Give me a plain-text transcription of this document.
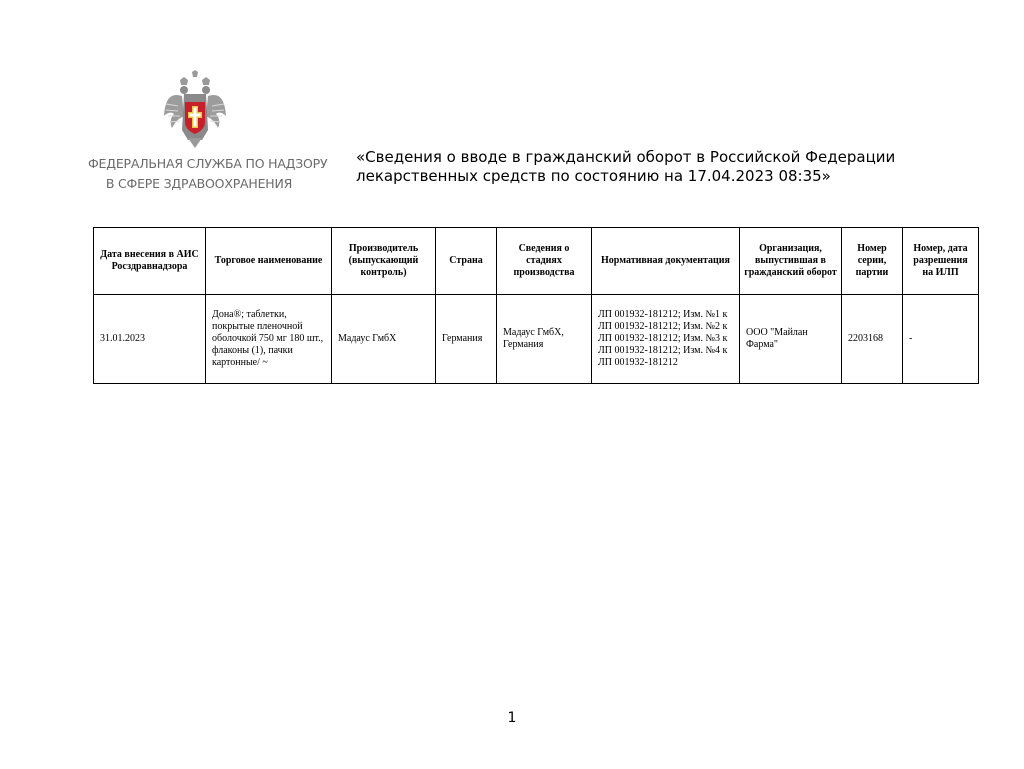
ФЕДЕРАЛЬНАЯ СЛУЖБА ПО НАДЗОРУ
В СФЕРЕ ЗДРАВООХРАНЕНИЯ
«Сведения о вводе в гражданский оборот в Российской Федерации
лекарственных средств по состоянию на 17.04.2023 08:35»
Дата внесения в АИС Росздравнадзора	Торговое наименование	Производитель (выпускающий контроль)	Страна	Сведения о стадиях производства	Нормативная документация	Организация, выпустившая в гражданский оборот	Номер серии, партии	Номер, дата разрешения на ИЛП
31.01.2023	Дона®; таблетки, покрытые пленочной оболочкой 750 мг 180 шт., флаконы (1), пачки картонные/ ~	Мадаус ГмбХ	Германия	Мадаус ГмбХ, Германия	ЛП 001932-181212; Изм. №1 к ЛП 001932-181212; Изм. №2 к ЛП 001932-181212; Изм. №3 к ЛП 001932-181212; Изм. №4 к ЛП 001932-181212	ООО "Майлан Фарма"	2203168	-
1
